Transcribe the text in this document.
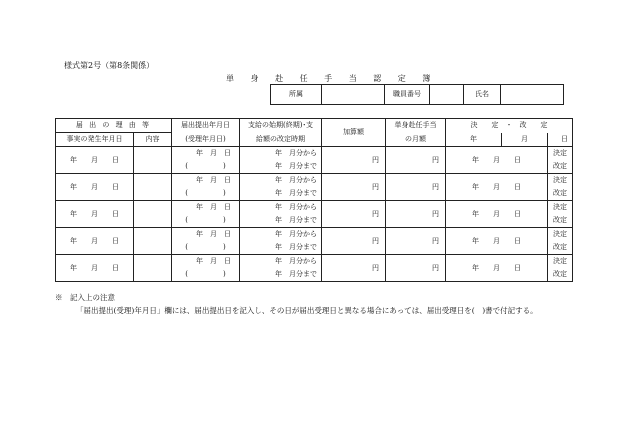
様式第2号（第8条関係）
単 身 赴 任 手 当 認 定 簿
所属		職員番号		氏名	
届 出 の 理 由 等		届出提出年月日	支給の始期(終期)･支	加算額	単身赴任手当	決　　定　・　改　　定		
事実の発生年月日	内容	(受理年月日)	給額の改定時期		の月額	年	月	日
年　　月　　日		年　月　日	年　月分から	円	円	年　　月　　日		決定
		(　　　　　)	年　月分まで					改定
年　　月　　日		年　月　日	年　月分から	円	円	年　　月　　日		決定
		(　　　　　)	年　月分まで					改定
年　　月　　日		年　月　日	年　月分から	円	円	年　　月　　日		決定
		(　　　　　)	年　月分まで					改定
年　　月　　日		年　月　日	年　月分から	円	円	年　　月　　日		決定
		(　　　　　)	年　月分まで					改定
年　　月　　日		年　月　日	年　月分から	円	円	年　　月　　日		決定
		(　　　　　)	年　月分まで					改定
※　記入上の注意
「届出提出(受理)年月日」欄には、届出提出日を記入し、その日が届出受理日と異なる場合にあっては、届出受理日を(　)書で付記する。
